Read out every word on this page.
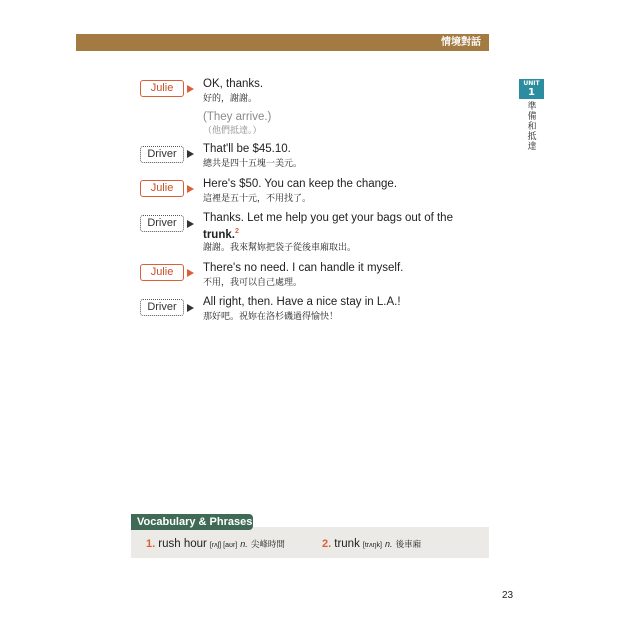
情境對話
UNIT
1
準
備
和
抵
達
Julie	OK, thanks.
好的，謝謝。
(They arrive.)
（他們抵達。）
Driver	That'll be $45.10.
總共是四十五塊一美元。
Julie	Here's $50. You can keep the change.
這裡是五十元，不用找了。
Driver	Thanks. Let me help you get your bags out of the
trunk.$^2$
謝謝。我來幫妳把袋子從後車廂取出。
Julie	There's no need. I can handle it myself.
不用，我可以自己處理。
Driver	All right, then. Have a nice stay in L.A.!
那好吧。祝妳在洛杉磯過得愉快！
Vocabulary & Phrases
1. rush hour [rʌʃ] [aʊr] n. 尖峰時間	2. trunk [trʌŋk] n. 後車廂
23
